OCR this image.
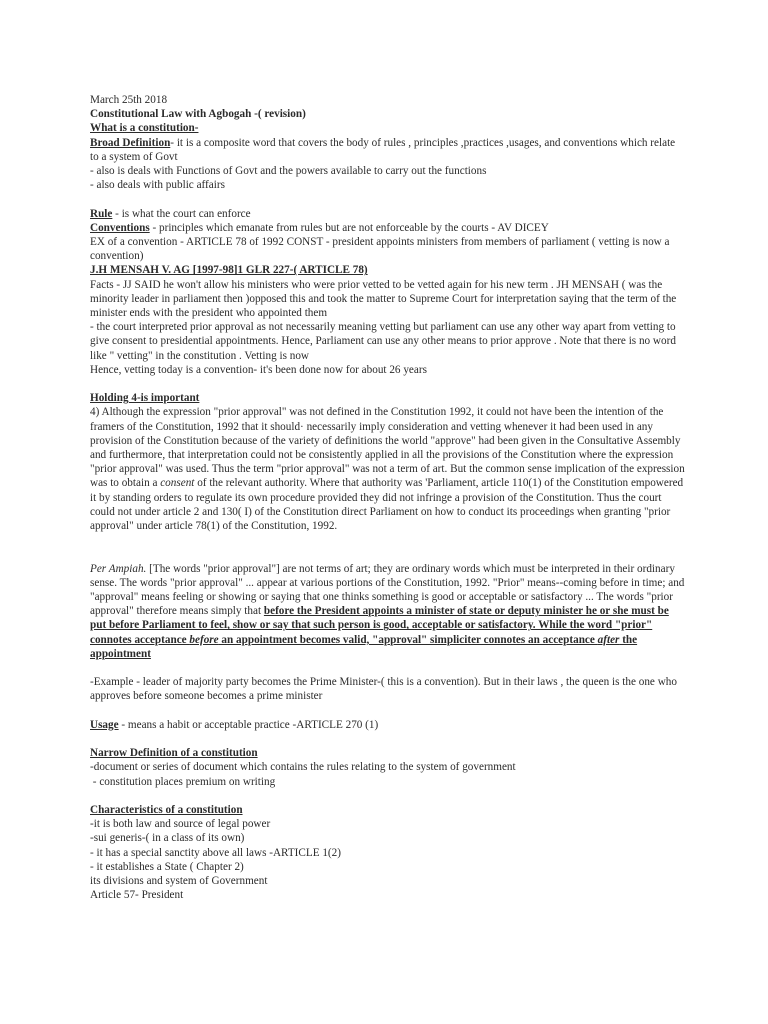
March 25th 2018

Constitutional Law with Agbogah -( revision)

What is a constitution-

Broad Definition- it is a composite word that covers the body of rules , principles ,practices ,usages, and conventions which relate to a system of Govt

- also is deals with Functions of Govt and the powers available to carry out the functions

- also deals with public affairs

Rule - is what the court can enforce

Conventions - principles which emanate from rules but are not enforceable by the courts - AV DICEY

EX of a convention - ARTICLE 78 of 1992 CONST - president appoints ministers from members of parliament ( vetting is now a convention)

J.H MENSAH V. AG [1997-98]1 GLR 227-( ARTICLE 78)

Facts - JJ SAID he won't allow his ministers who were prior vetted to be vetted again for his new term . JH MENSAH ( was the minority leader in parliament then )opposed this and took the matter to Supreme Court for interpretation saying that the term of the minister ends with the president who appointed them

- the court interpreted prior approval as not necessarily meaning vetting but parliament can use any other way apart from vetting to give consent to presidential appointments. Hence, Parliament can use any other means to prior approve . Note that there is no word like " vetting" in the constitution . Vetting is now

Hence, vetting today is a convention- it's been done now for about 26 years

Holding 4-is important

4) Although the expression "prior approval" was not defined in the Constitution 1992, it could not have been the intention of the framers of the Constitution, 1992 that it should· necessarily imply consideration and vetting whenever it had been used in any provision of the Constitution because of the variety of definitions the world "approve" had been given in the Consultative Assembly and furthermore, that interpretation could not be consistently applied in all the provisions of the Constitution where the expression "prior approval" was used. Thus the term "prior approval" was not a term of art. But the common sense implication of the expression was to obtain a consent of the relevant authority. Where that authority was 'Parliament, article 110(1) of the Constitution empowered it by standing orders to regulate its own procedure provided they did not infringe a provision of the Constitution. Thus the court could not under article 2 and 130( I) of the Constitution direct Parliament on how to conduct its proceedings when granting "prior approval" under article 78(1) of the Constitution, 1992.

Per Ampiah. [The words "prior approval"] are not terms of art; they are ordinary words which must be interpreted in their ordinary sense. The words "prior approval" ... appear at various portions of the Constitution, 1992. "Prior" means--coming before in time; and "approval" means feeling or showing or saying that one thinks something is good or acceptable or satisfactory ... The words "prior approval" therefore means simply that before the President appoints a minister of state or deputy minister he or she must be put before Parliament to feel, show or say that such person is good, acceptable or satisfactory. While the word "prior" connotes acceptance before an appointment becomes valid, "approval" simpliciter connotes an acceptance after the appointment

-Example - leader of majority party becomes the Prime Minister-( this is a convention). But in their laws , the queen is the one who approves before someone becomes a prime minister

Usage - means a habit or acceptable practice -ARTICLE 270 (1)

Narrow Definition of a constitution

-document or series of document which contains the rules relating to the system of government

- constitution places premium on writing

Characteristics of a constitution

-it is both law and source of legal power

-sui generis-( in a class of its own)

- it has a special sanctity above all laws -ARTICLE 1(2)

- it establishes a State ( Chapter 2)

its divisions and system of Government

Article 57- President
